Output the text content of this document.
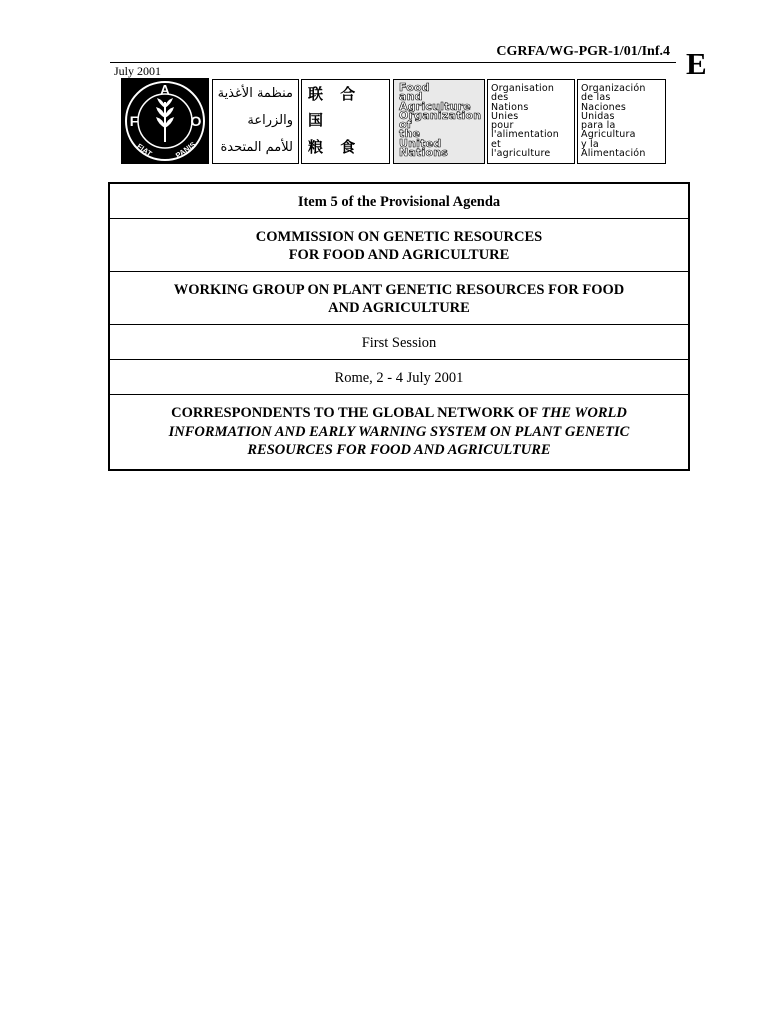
CGRFA/WG-PGR-1/01/Inf.4 E
July 2001
A
F	O
FIAT	PANIS
منظمة الأغذية
والزراعة
للأمم المتحدة
联 合 国
粮 食
Food
and
Agriculture
Organization
of
the
United
Nations
Organisation
des
Nations
Unies
pour
l'alimentation
et
l'agriculture
Organización
de las
Naciones
Unidas
para la
Agricultura
y la
Alimentación
Item 5 of the Provisional Agenda
COMMISSION ON GENETIC RESOURCES
FOR FOOD AND AGRICULTURE
WORKING GROUP ON PLANT GENETIC RESOURCES FOR FOOD
AND AGRICULTURE
First Session
Rome, 2 - 4 July 2001
CORRESPONDENTS TO THE GLOBAL NETWORK OF THE WORLD
INFORMATION AND EARLY WARNING SYSTEM ON PLANT GENETIC
RESOURCES FOR FOOD AND AGRICULTURE
